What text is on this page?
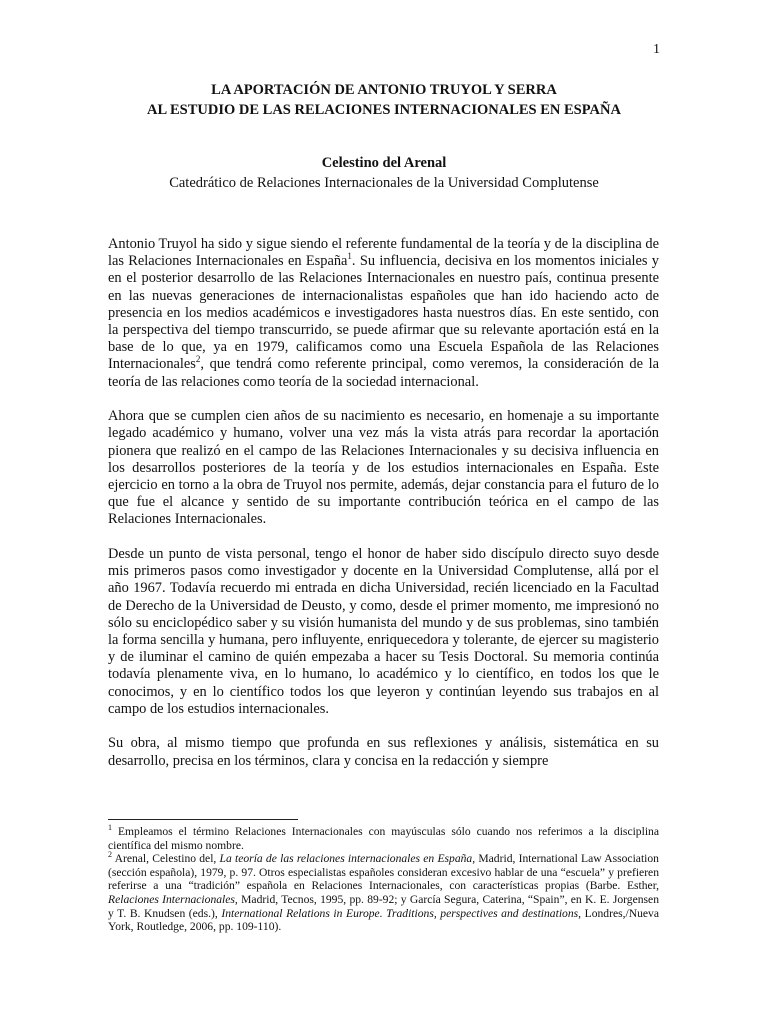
1
LA APORTACIÓN DE ANTONIO TRUYOL Y SERRA
AL ESTUDIO DE LAS RELACIONES INTERNACIONALES EN ESPAÑA
Celestino del Arenal
Catedrático de Relaciones Internacionales de la Universidad Complutense

Antonio Truyol ha sido y sigue siendo el referente fundamental de la teoría y de la disciplina de las Relaciones Internacionales en España$^1$. Su influencia, decisiva en los momentos iniciales y en el posterior desarrollo de las Relaciones Internacionales en nuestro país, continua presente en las nuevas generaciones de internacionalistas españoles que han ido haciendo acto de presencia en los medios académicos e investigadores hasta nuestros días. En este sentido, con la perspectiva del tiempo transcurrido, se puede afirmar que su relevante aportación está en la base de lo que, ya en 1979, calificamos como una Escuela Española de las Relaciones Internacionales$^2$, que tendrá como referente principal, como veremos, la consideración de la teoría de las relaciones como teoría de la sociedad internacional.

Ahora que se cumplen cien años de su nacimiento es necesario, en homenaje a su importante legado académico y humano, volver una vez más la vista atrás para recordar la aportación pionera que realizó en el campo de las Relaciones Internacionales y su decisiva influencia en los desarrollos posteriores de la teoría y de los estudios internacionales en España. Este ejercicio en torno a la obra de Truyol nos permite, además, dejar constancia para el futuro de lo que fue el alcance y sentido de su importante contribución teórica en el campo de las Relaciones Internacionales.

Desde un punto de vista personal, tengo el honor de haber sido discípulo directo suyo desde mis primeros pasos como investigador y docente en la Universidad Complutense, allá por el año 1967. Todavía recuerdo mi entrada en dicha Universidad, recién licenciado en la Facultad de Derecho de la Universidad de Deusto, y como, desde el primer momento, me impresionó no sólo su enciclopédico saber y su visión humanista del mundo y de sus problemas, sino también la forma sencilla y humana, pero influyente, enriquecedora y tolerante, de ejercer su magisterio y de iluminar el camino de quién empezaba a hacer su Tesis Doctoral. Su memoria continúa todavía plenamente viva, en lo humano, lo académico y lo científico, en todos los que le conocimos, y en lo científico todos los que leyeron y continúan leyendo sus trabajos en al campo de los estudios internacionales.

Su obra, al mismo tiempo que profunda en sus reflexiones y análisis, sistemática en su desarrollo, precisa en los términos, clara y concisa en la redacción y siempre

$^1$ Empleamos el término Relaciones Internacionales con mayúsculas sólo cuando nos referimos a la disciplina científica del mismo nombre.

$^2$ Arenal, Celestino del, La teoría de las relaciones internacionales en España, Madrid, International Law Association (sección española), 1979, p. 97. Otros especialistas españoles consideran excesivo hablar de una “escuela” y prefieren referirse a una “tradición” española en Relaciones Internacionales, con características propias (Barbe. Esther, Relaciones Internacionales, Madrid, Tecnos, 1995, pp. 89-92; y García Segura, Caterina, “Spain”, en K. E. Jorgensen y T. B. Knudsen (eds.), International Relations in Europe. Traditions, perspectives and destinations, Londres,/Nueva York, Routledge, 2006, pp. 109-110).
